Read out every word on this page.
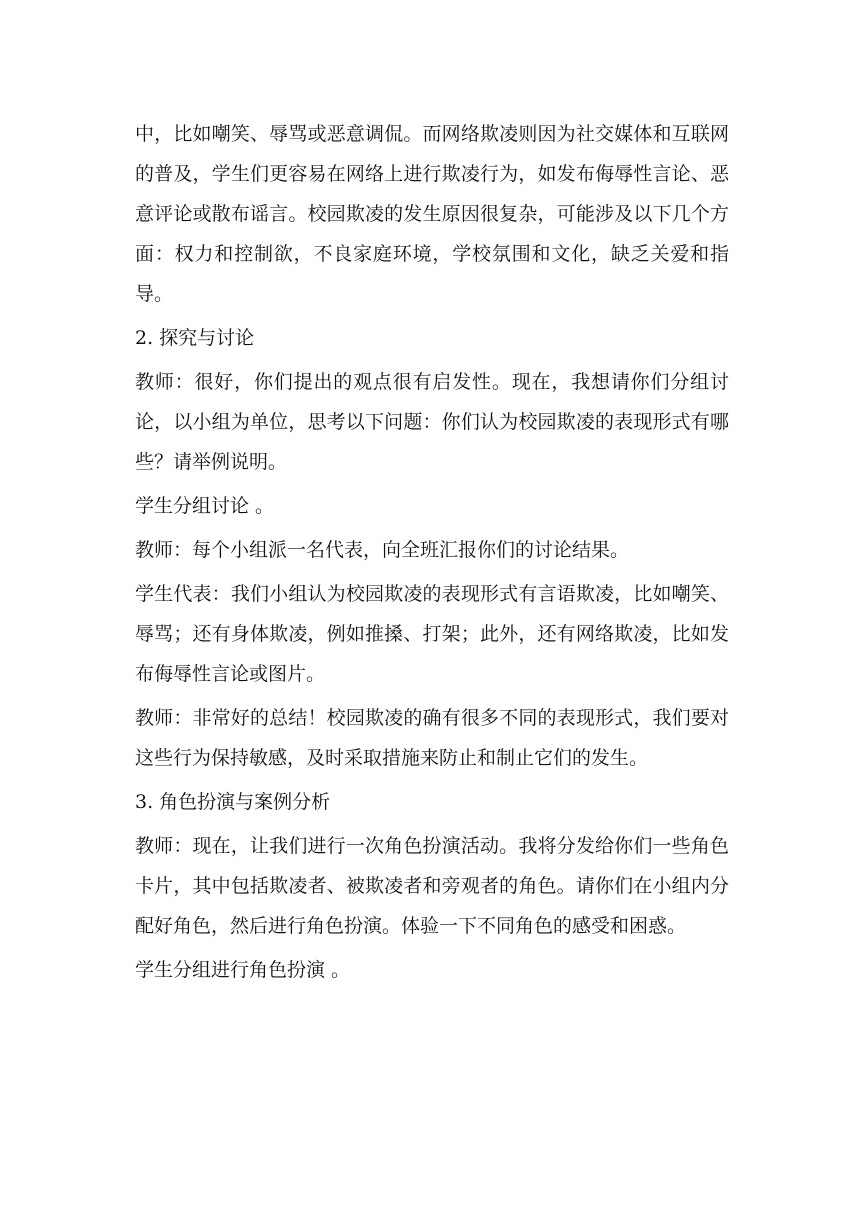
中，比如嘲笑、辱骂或恶意调侃。而网络欺凌则因为社交媒体和互联网的普及，学生们更容易在网络上进行欺凌行为，如发布侮辱性言论、恶意评论或散布谣言。校园欺凌的发生原因很复杂，可能涉及以下几个方面：权力和控制欲，不良家庭环境，学校氛围和文化，缺乏关爱和指导。

2. 探究与讨论

教师：很好，你们提出的观点很有启发性。现在，我想请你们分组讨论，以小组为单位，思考以下问题：你们认为校园欺凌的表现形式有哪些？请举例说明。

学生分组讨论 。

教师：每个小组派一名代表，向全班汇报你们的讨论结果。

学生代表：我们小组认为校园欺凌的表现形式有言语欺凌，比如嘲笑、辱骂；还有身体欺凌，例如推搡、打架；此外，还有网络欺凌，比如发布侮辱性言论或图片。

教师：非常好的总结！校园欺凌的确有很多不同的表现形式，我们要对这些行为保持敏感，及时采取措施来防止和制止它们的发生。

3. 角色扮演与案例分析

教师：现在，让我们进行一次角色扮演活动。我将分发给你们一些角色卡片，其中包括欺凌者、被欺凌者和旁观者的角色。请你们在小组内分配好角色，然后进行角色扮演。体验一下不同角色的感受和困惑。

学生分组进行角色扮演 。
